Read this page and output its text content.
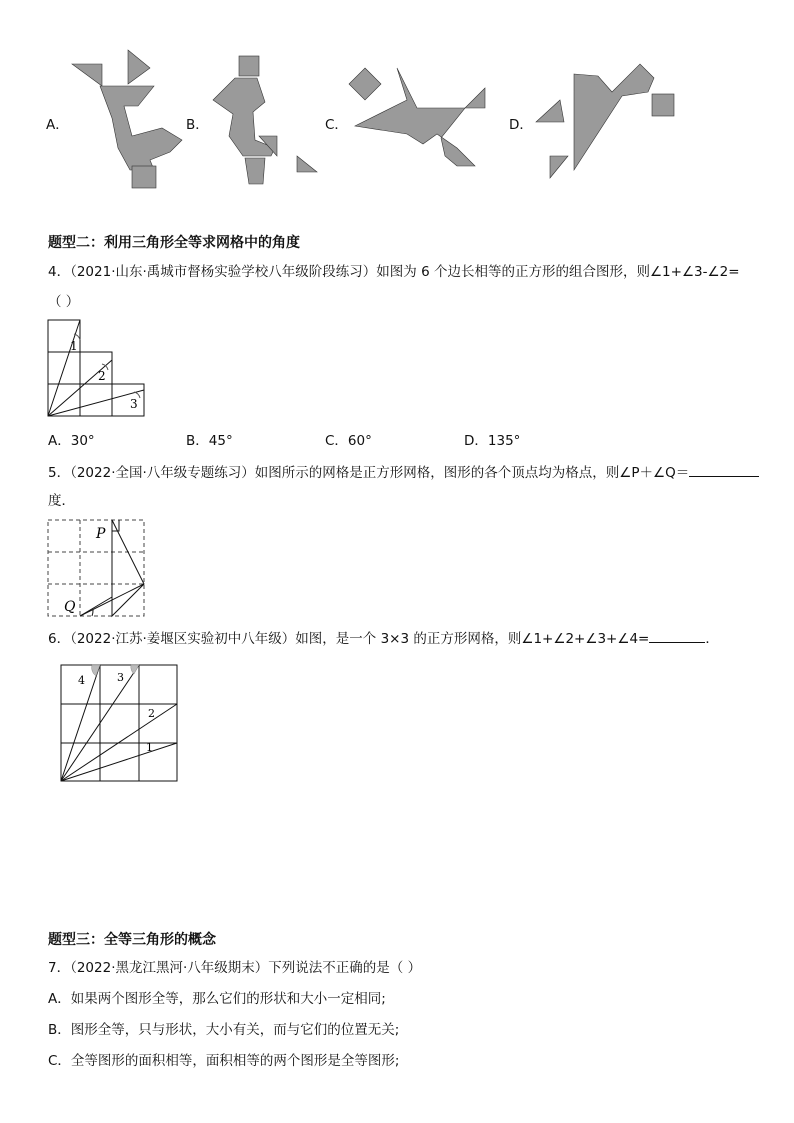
A．	B．	C．	D．
题型二：利用三角形全等求网格中的角度
4．（2021·山东·禹城市督杨实验学校八年级阶段练习）如图为 6 个边长相等的正方形的组合图形，则∠1+∠3-∠2=
（ ）
1
2
3
A．30°	B．45°	C．60°	D．135°
5．（2022·全国·八年级专题练习）如图所示的网格是正方形网格，图形的各个顶点均为格点，则∠P＋∠Q＝
度．
P
Q
6．（2022·江苏·姜堰区实验初中八年级）如图，是一个 3×3 的正方形网格，则∠1+∠2+∠3+∠4=	．
4	3
2
1
题型三：全等三角形的概念
7．（2022·黑龙江黑河·八年级期末）下列说法不正确的是（ ）
A．如果两个图形全等，那么它们的形状和大小一定相同;
B．图形全等，只与形状，大小有关，而与它们的位置无关;
C．全等图形的面积相等，面积相等的两个图形是全等图形;
